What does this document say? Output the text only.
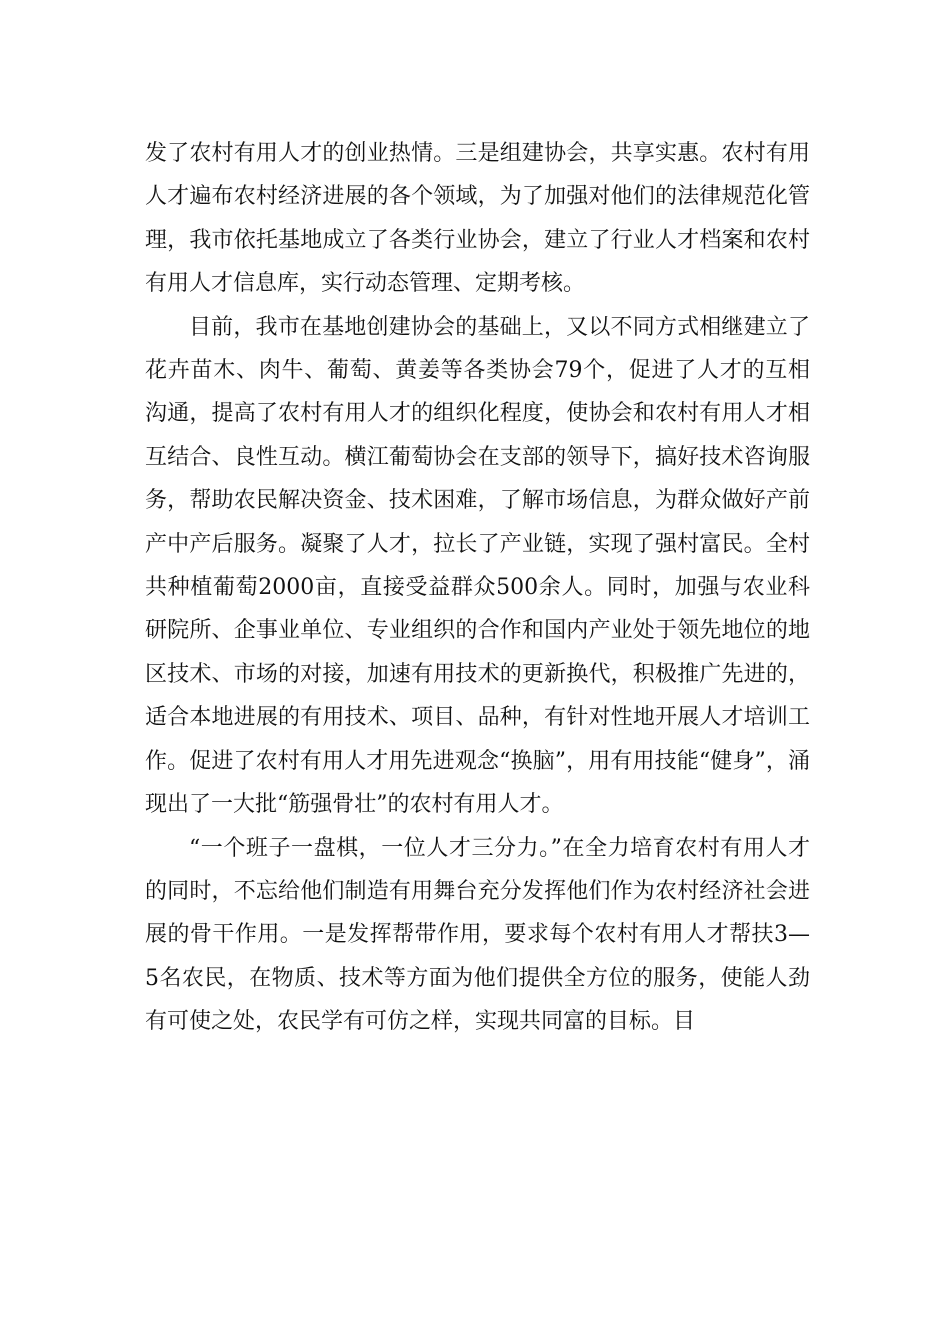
发了农村有用人才的创业热情。三是组建协会，共享实惠。农村有用人才遍布农村经济进展的各个领域，为了加强对他们的法律规范化管理，我市依托基地成立了各类行业协会，建立了行业人才档案和农村有用人才信息库，实行动态管理、定期考核。

目前，我市在基地创建协会的基础上，又以不同方式相继建立了花卉苗木、肉牛、葡萄、黄姜等各类协会79个，促进了人才的互相沟通，提高了农村有用人才的组织化程度，使协会和农村有用人才相互结合、良性互动。横江葡萄协会在支部的领导下，搞好技术咨询服务，帮助农民解决资金、技术困难，了解市场信息，为群众做好产前产中产后服务。凝聚了人才，拉长了产业链，实现了强村富民。全村共种植葡萄2000亩，直接受益群众500余人。同时，加强与农业科研院所、企事业单位、专业组织的合作和国内产业处于领先地位的地区技术、市场的对接，加速有用技术的更新换代，积极推广先进的，适合本地进展的有用技术、项目、品种，有针对性地开展人才培训工作。促进了农村有用人才用先进观念“换脑”，用有用技能“健身”，涌现出了一大批“筋强骨壮”的农村有用人才。

“一个班子一盘棋，一位人才三分力。”在全力培育农村有用人才的同时，不忘给他们制造有用舞台充分发挥他们作为农村经济社会进展的骨干作用。一是发挥帮带作用，要求每个农村有用人才帮扶3—5名农民，在物质、技术等方面为他们提供全方位的服务，使能人劲有可使之处，农民学有可仿之样，实现共同富的目标。目
